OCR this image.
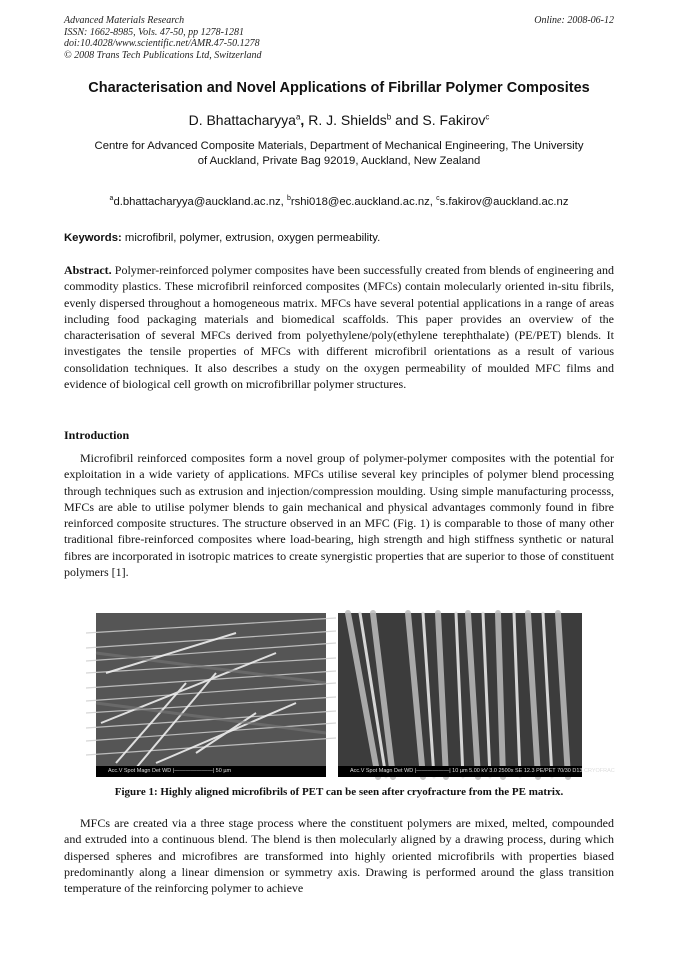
Advanced Materials Research
ISSN: 1662-8985, Vols. 47-50, pp 1278-1281
doi:10.4028/www.scientific.net/AMR.47-50.1278
© 2008 Trans Tech Publications Ltd, Switzerland
Online: 2008-06-12
Characterisation and Novel Applications of Fibrillar Polymer Composites
D. Bhattacharyya$^a$, R. J. Shields$^b$ and S. Fakirov$^c$
Centre for Advanced Composite Materials, Department of Mechanical Engineering, The University
of Auckland, Private Bag 92019, Auckland, New Zealand
$^a$d.bhattacharyya@auckland.ac.nz, $^b$rshi018@ec.auckland.ac.nz, $^c$s.fakirov@auckland.ac.nz
Keywords: microfibril, polymer, extrusion, oxygen permeability.
Abstract. Polymer-reinforced polymer composites have been successfully created from blends of engineering and commodity plastics. These microfibril reinforced composites (MFCs) contain molecularly oriented in-situ fibrils, evenly dispersed throughout a homogeneous matrix. MFCs have several potential applications in a range of areas including food packaging materials and biomedical scaffolds. This paper provides an overview of the characterisation of several MFCs derived from polyethylene/poly(ethylene terephthalate) (PE/PET) blends. It investigates the tensile properties of MFCs with different microfibril orientations as a result of various consolidation techniques. It also describes a study on the oxygen permeability of moulded MFC films and evidence of biological cell growth on microfibrillar polymer structures.
Introduction
Microfibril reinforced composites form a novel group of polymer-polymer composites with the potential for exploitation in a wide variety of applications. MFCs utilise several key principles of polymer blend processing through techniques such as extrusion and injection/compression moulding. Using simple manufacturing processs, MFCs are able to utilise polymer blends to gain mechanical and physical advantages commonly found in fibre reinforced composite structures. The structure observed in an MFC (Fig. 1) is comparable to those of many other traditional fibre-reinforced composites where load-bearing, high strength and high stiffness synthetic or natural fibres are incorporated in isotropic matrices to create synergistic properties that are superior to those of constituent polymers [1].
Acc.V Spot Magn Det WD |———————| 50 µm	Acc.V Spot Magn Det WD |——————| 10 µm 5.00 kV 3.0 2500x SE 12.3 PE/PET 70/30 D13 CRYOFRAC
Figure 1: Highly aligned microfibrils of PET can be seen after cryofracture from the PE matrix.
MFCs are created via a three stage process where the constituent polymers are mixed, melted, compounded and extruded into a continuous blend. The blend is then molecularly aligned by a drawing process, during which dispersed spheres and microfibres are transformed into highly oriented microfibrils with properties biased predominantly along a linear dimension or symmetry axis. Drawing is performed around the glass transition temperature of the reinforcing polymer to achieve
